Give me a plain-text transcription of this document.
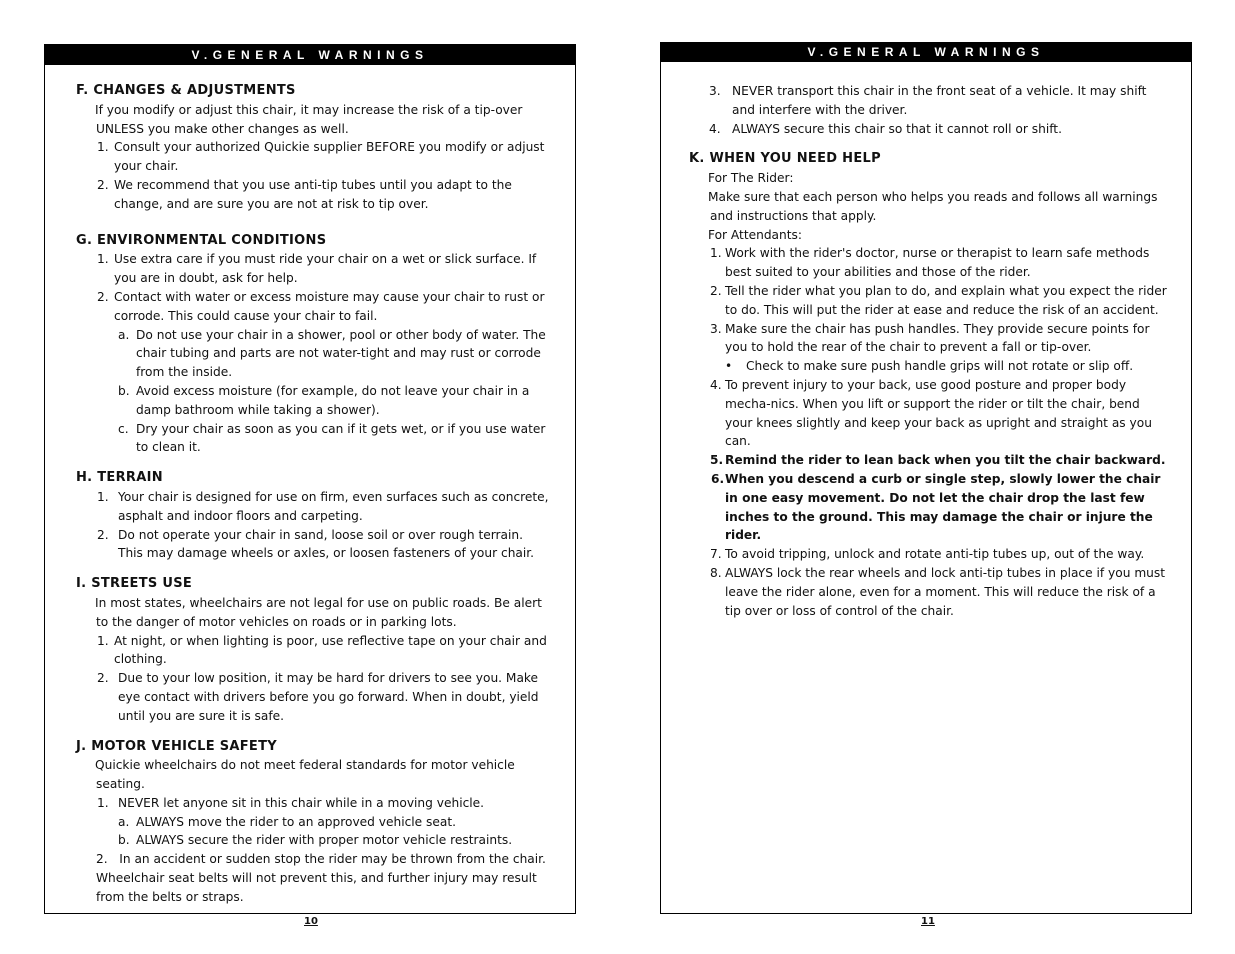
V.GENERAL WARNINGS
F. CHANGES & ADJUSTMENTS
If you modify or adjust this chair, it may increase the risk of a tip-over UNLESS you make other changes as well.
1. Consult your authorized Quickie supplier BEFORE you modify or adjust your chair.
2. We recommend that you use anti-tip tubes until you adapt to the change, and are sure you are not at risk to tip over.
G. ENVIRONMENTAL CONDITIONS
1. Use extra care if you must ride your chair on a wet or slick surface. If you are in doubt, ask for help.
2. Contact with water or excess moisture may cause your chair to rust or corrode. This could cause your chair to fail.
a. Do not use your chair in a shower, pool or other body of water. The chair tubing and parts are not water-tight and may rust or corrode from the inside.
b. Avoid excess moisture (for example, do not leave your chair in a damp bathroom while taking a shower).
c. Dry your chair as soon as you can if it gets wet, or if you use water to clean it.
H. TERRAIN
1. Your chair is designed for use on firm, even surfaces such as concrete, asphalt and indoor floors and carpeting.
2. Do not operate your chair in sand, loose soil or over rough terrain. This may damage wheels or axles, or loosen fasteners of your chair.
I. STREETS USE
In most states, wheelchairs are not legal for use on public roads. Be alert to the danger of motor vehicles on roads or in parking lots.
1. At night, or when lighting is poor, use reflective tape on your chair and clothing.
2. Due to your low position, it may be hard for drivers to see you. Make eye contact with drivers before you go forward. When in doubt, yield until you are sure it is safe.
J. MOTOR VEHICLE SAFETY
Quickie wheelchairs do not meet federal standards for motor vehicle seating.
1. NEVER let anyone sit in this chair while in a moving vehicle.
a. ALWAYS move the rider to an approved vehicle seat.
b. ALWAYS secure the rider with proper motor vehicle restraints.
2. In an accident or sudden stop the rider may be thrown from the chair. Wheelchair seat belts will not prevent this, and further injury may result from the belts or straps.
10
V.GENERAL WARNINGS
3. NEVER transport this chair in the front seat of a vehicle. It may shift and interfere with the driver.
4. ALWAYS secure this chair so that it cannot roll or shift.
K. WHEN YOU NEED HELP
For The Rider:
Make sure that each person who helps you reads and follows all warnings and instructions that apply.
For Attendants:
1. Work with the rider's doctor, nurse or therapist to learn safe methods best suited to your abilities and those of the rider.
2. Tell the rider what you plan to do, and explain what you expect the rider to do. This will put the rider at ease and reduce the risk of an accident.
3. Make sure the chair has push handles. They provide secure points for you to hold the rear of the chair to prevent a fall or tip-over.
•	Check to make sure push handle grips will not rotate or slip off.
4. To prevent injury to your back, use good posture and proper body mecha-nics. When you lift or support the rider or tilt the chair, bend your knees slightly and keep your back as upright and straight as you can.
5. Remind the rider to lean back when you tilt the chair backward.
6. When you descend a curb or single step, slowly lower the chair in one easy movement. Do not let the chair drop the last few inches to the ground. This may damage the chair or injure the rider.
7. To avoid tripping, unlock and rotate anti-tip tubes up, out of the way.
8. ALWAYS lock the rear wheels and lock anti-tip tubes in place if you must leave the rider alone, even for a moment. This will reduce the risk of a tip over or loss of control of the chair.
11
